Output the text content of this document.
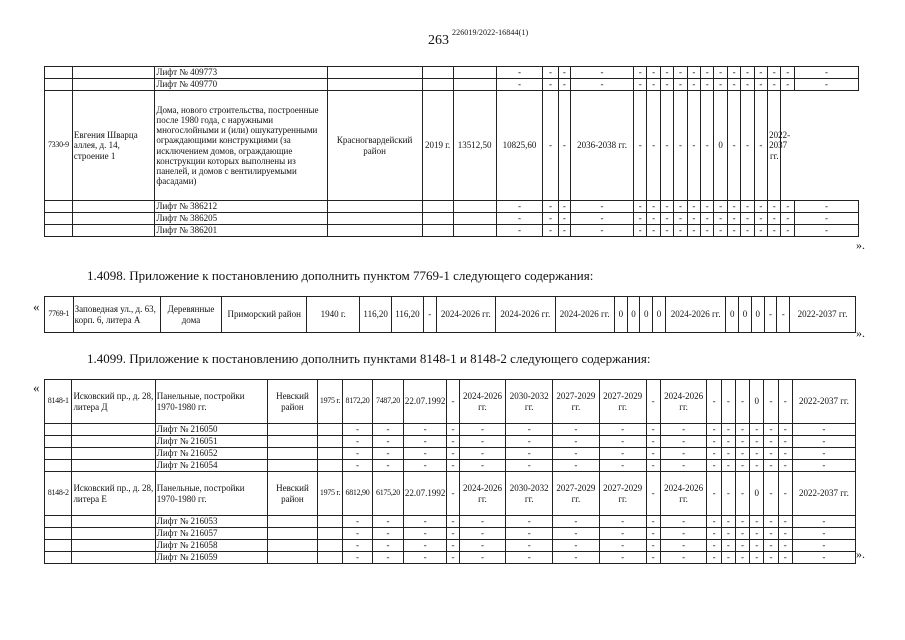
263
226019/2022-16844(1)
		Лифт № 409773				-	-	-	-	-	-	-	-	-	-	-	-	-	-	-	-	-
		Лифт № 409770				-	-	-	-	-	-	-	-	-	-	-	-	-	-	-	-	-
7330-9	Евгения Шварца аллея, д. 14, строение 1	Дома, нового строительства, построенные после 1980 года, с наружными многослойными и (или) ошукатуренными ограждающими конструкциями (за исключением домов, ограждающие конструкции которых выполнены из панелей, и домов с вентилируемыми фасадами)	Красногвардейский район	2019 г.	13512,50	10825,60	-	-	2036-2038 гг.	-	-	-	-	-	-	0	-	-	-	2022-2037 гг.		
		Лифт № 386212				-	-	-	-	-	-	-	-	-	-	-	-	-	-	-	-	-
		Лифт № 386205				-	-	-	-	-	-	-	-	-	-	-	-	-	-	-	-	-
		Лифт № 386201				-	-	-	-	-	-	-	-	-	-	-	-	-	-	-	-	-
».
1.4098. Приложение к постановлению дополнить пунктом 7769-1 следующего содержания:
« 7769-1	Заповедная ул., д. 63, корп. 6, литера А	Деревянные дома	Приморский район	1940 г.	116,20	116,20	-	2024-2026 гг.	2024-2026 гг.	2024-2026 гг.	0	0	0	0	2024-2026 гг.	0	0	0	-	-	2022-2037 гг.
».
1.4099. Приложение к постановлению дополнить пунктами 8148-1 и 8148-2 следующего содержания:
«
8148-1	Исковский пр., д. 28, литера Д	Панельные, постройки 1970-1980 гг.	Невский район	1975 г.	8172,20	7487,20	22.07.1992	-	2024-2026 гг.	2030-2032 гг.	2027-2029 гг.	2027-2029 гг.	-	2024-2026 гг.	-	-	-	0	-	-	2022-2037 гг.
		Лифт № 216050			-	-	-	-	-	-	-	-	-	-	-	-	-	-	-	-	-
		Лифт № 216051			-	-	-	-	-	-	-	-	-	-	-	-	-	-	-	-	-
		Лифт № 216052			-	-	-	-	-	-	-	-	-	-	-	-	-	-	-	-	-
		Лифт № 216054			-	-	-	-	-	-	-	-	-	-	-	-	-	-	-	-	-
8148-2	Исковский пр., д. 28, литера Е	Панельные, постройки 1970-1980 гг.	Невский район	1975 г.	6812,90	6175,20	22.07.1992	-	2024-2026 гг.	2030-2032 гг.	2027-2029 гг.	2027-2029 гг.	-	2024-2026 гг.	-	-	-	0	-	-	2022-2037 гг.
		Лифт № 216053			-	-	-	-	-	-	-	-	-	-	-	-	-	-	-	-	-
		Лифт № 216057			-	-	-	-	-	-	-	-	-	-	-	-	-	-	-	-	-
		Лифт № 216058			-	-	-	-	-	-	-	-	-	-	-	-	-	-	-	-	-
		Лифт № 216059			-	-	-	-	-	-	-	-	-	-	-	-	-	-	-	-	-	».
